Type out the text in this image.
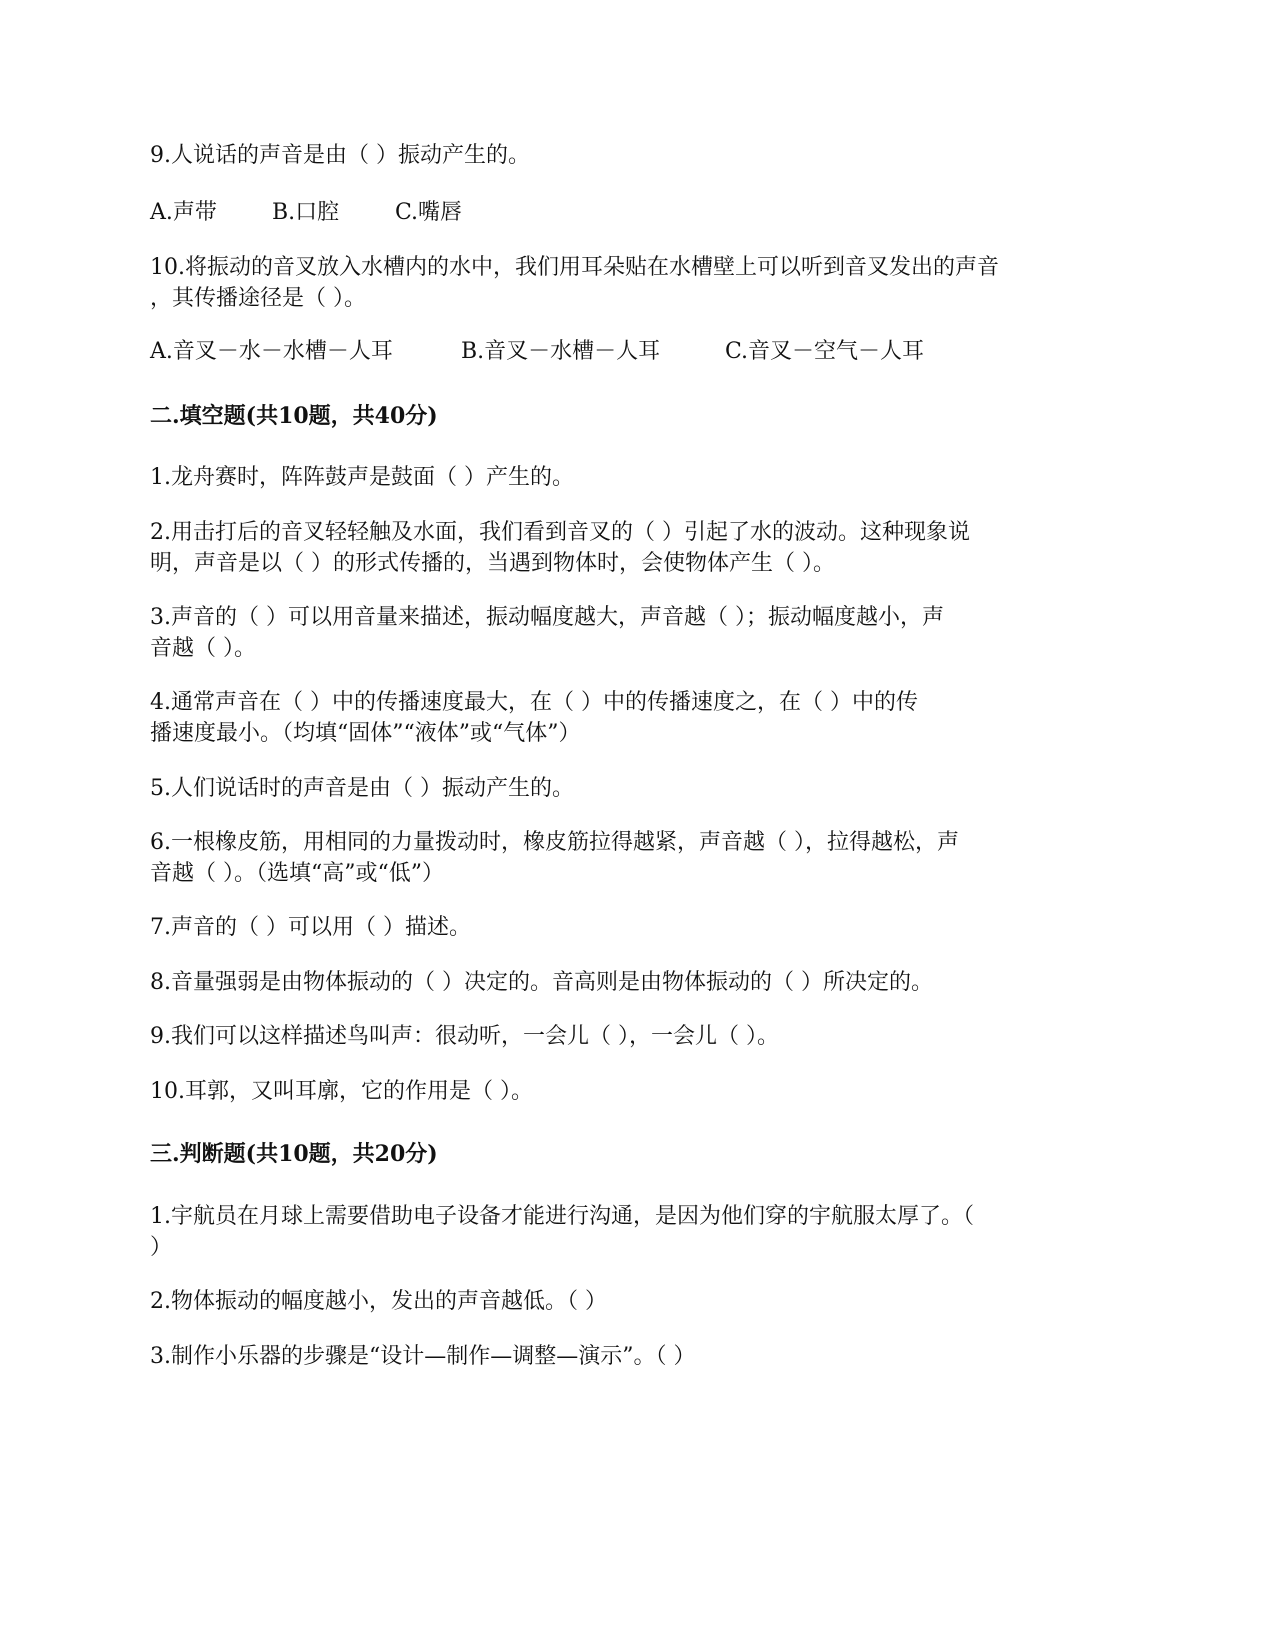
9.人说话的声音是由（ ）振动产生的。
A.声带	B.口腔	C.嘴唇
10.将振动的音叉放入水槽内的水中，我们用耳朵贴在水槽壁上可以听到音叉发出的声音
，其传播途径是（ ）。
A.音叉－水－水槽－人耳	B.音叉－水槽－人耳	C.音叉－空气－人耳
二.填空题(共10题，共40分)
1.龙舟赛时，阵阵鼓声是鼓面（ ）产生的。
2.用击打后的音叉轻轻触及水面，我们看到音叉的（ ）引起了水的波动。这种现象说
明，声音是以（ ）的形式传播的，当遇到物体时，会使物体产生（ ）。
3.声音的（ ）可以用音量来描述，振动幅度越大，声音越（ ）；振动幅度越小，声
音越（ ）。
4.通常声音在（ ）中的传播速度最大，在（ ）中的传播速度之，在（ ）中的传
播速度最小。（均填“固体”“液体”或“气体”）
5.人们说话时的声音是由（ ）振动产生的。
6.一根橡皮筋，用相同的力量拨动时，橡皮筋拉得越紧，声音越（ ），拉得越松，声
音越（ ）。（选填“高”或“低”）
7.声音的（ ）可以用（ ）描述。
8.音量强弱是由物体振动的（ ）决定的。音高则是由物体振动的（ ）所决定的。
9.我们可以这样描述鸟叫声：很动听，一会儿（ ），一会儿（ ）。
10.耳郭，又叫耳廓，它的作用是（ ）。
三.判断题(共10题，共20分)
1.宇航员在月球上需要借助电子设备才能进行沟通，是因为他们穿的宇航服太厚了。（
）
2.物体振动的幅度越小，发出的声音越低。（ ）
3.制作小乐器的步骤是“设计—制作—调整—演示”。（ ）
